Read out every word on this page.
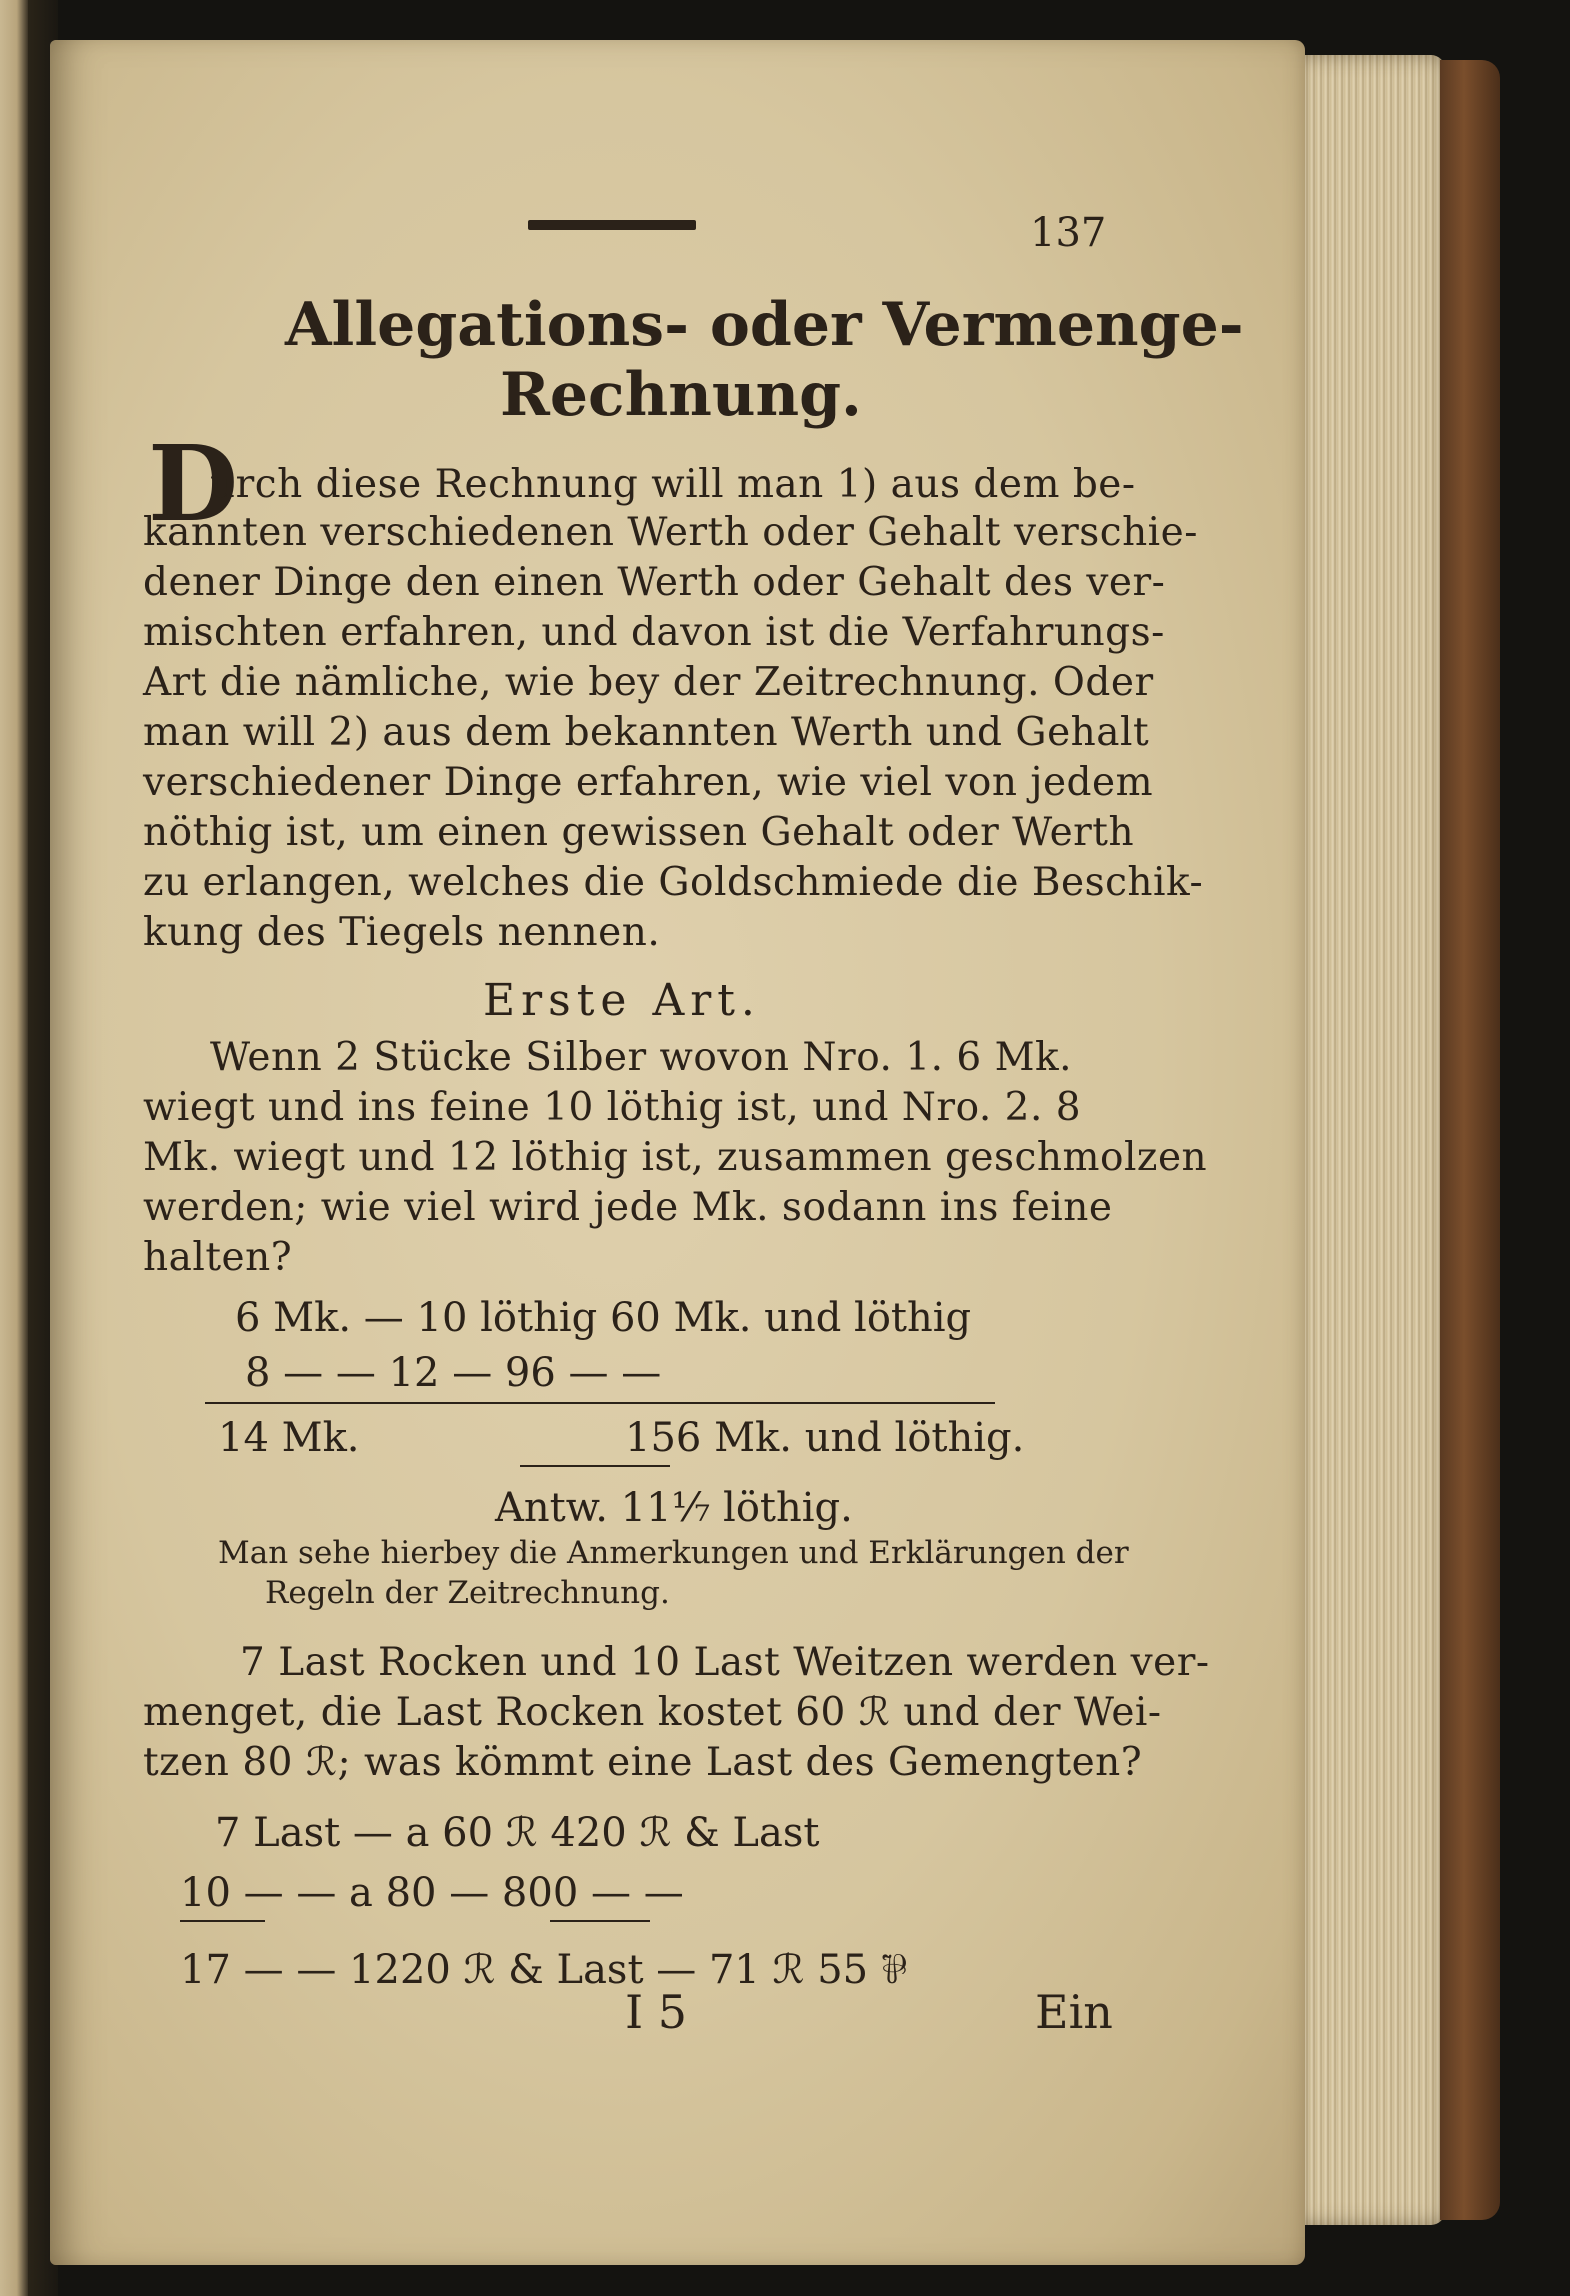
137
Allegations- oder Vermenge-
Rechnung.
D
urch diese Rechnung will man 1) aus dem be-
kannten verschiedenen Werth oder Gehalt verschie-
dener Dinge den einen Werth oder Gehalt des ver-
mischten erfahren, und davon ist die Verfahrungs-
Art die nämliche, wie bey der Zeitrechnung. Oder
man will 2) aus dem bekannten Werth und Gehalt
verschiedener Dinge erfahren, wie viel von jedem
nöthig ist, um einen gewissen Gehalt oder Werth
zu erlangen, welches die Goldschmiede die Beschik-
kung des Tiegels nennen.
Erste Art.
Wenn 2 Stücke Silber wovon Nro. 1. 6 Mk.
wiegt und ins feine 10 löthig ist, und Nro. 2. 8
Mk. wiegt und 12 löthig ist, zusammen geschmolzen
werden; wie viel wird jede Mk. sodann ins feine
halten?
6 Mk. — 10 löthig 60 Mk. und löthig
8 — — 12 — 96 — —
14 Mk.	156 Mk. und löthig.
Antw. 11⅐ löthig.
Man sehe hierbey die Anmerkungen und Erklärungen der
Regeln der Zeitrechnung.
7 Last Rocken und 10 Last Weitzen werden ver-
menget, die Last Rocken kostet 60 ℛ und der Wei-
tzen 80 ℛ; was kömmt eine Last des Gemengten?
7 Last — a 60 ℛ 420 ℛ & Last
10 — — a 80 — 800 — —
17 — — 1220 ℛ & Last — 71 ℛ 55 ⅌
I 5	Ein
